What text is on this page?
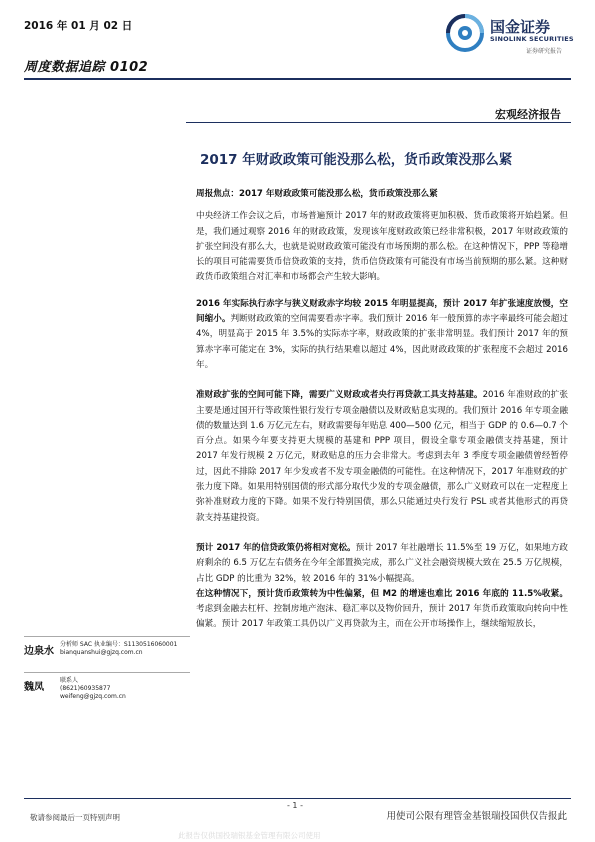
2016 年 01 月 02 日
周度数据追踪 0102
国金证券
SINOLINK SECURITIES
证券研究报告
宏观经济报告
2017 年财政政策可能没那么松，货币政策没那么紧

周报焦点：2017 年财政政策可能没那么松，货币政策没那么紧

中央经济工作会议之后，市场普遍预计 2017 年的财政政策将更加积极、货币政策将开始趋紧。但是，我们通过观察 2016 年的财政政策，发现该年度财政政策已经非常积极，2017 年财政政策的扩张空间没有那么大，也就是说财政政策可能没有市场预期的那么松。在这种情况下，PPP 等稳增长的项目可能需要货币信贷政策的支持，货币信贷政策有可能没有市场当前预期的那么紧。这种财政货币政策组合对汇率和市场都会产生较大影响。

2016 年实际执行赤字与狭义财政赤字均较 2015 年明显提高，预计 2017 年扩张速度放慢，空间缩小。判断财政政策的空间需要看赤字率。我们预计 2016 年一般预算的赤字率最终可能会超过 4%，明显高于 2015 年 3.5%的实际赤字率，财政政策的扩张非常明显。我们预计 2017 年的预算赤字率可能定在 3%，实际的执行结果难以超过 4%，因此财政政策的扩张程度不会超过 2016 年。

准财政扩张的空间可能下降，需要广义财政或者央行再贷款工具支持基建。2016 年准财政的扩张主要是通过国开行等政策性银行发行专项金融债以及财政贴息实现的。我们预计 2016 年专项金融债的数量达到 1.6 万亿元左右，财政需要每年贴息 400—500 亿元，相当于 GDP 的 0.6—0.7 个百分点。如果今年要支持更大规模的基建和 PPP 项目，假设全靠专项金融债支持基建，预计 2017 年发行规模 2 万亿元，财政贴息的压力会非常大。考虑到去年 3 季度专项金融债曾经暂停过，因此不排除 2017 年少发或者不发专项金融债的可能性。在这种情况下，2017 年准财政的扩张力度下降。如果用特别国债的形式部分取代少发的专项金融债，那么广义财政可以在一定程度上弥补准财政力度的下降。如果不发行特别国债，那么只能通过央行发行 PSL 或者其他形式的再贷款支持基建投资。

预计 2017 年的信贷政策仍将相对宽松。预计 2017 年社融增长 11.5%至 19 万亿，如果地方政府剩余的 6.5 万亿左右债务在今年全部置换完成，那么广义社会融资规模大致在 25.5 万亿规模，占比 GDP 的比重为 32%，较 2016 年的 31%小幅提高。

在这种情况下，预计货币政策转为中性偏紧，但 M2 的增速也难比 2016 年底的 11.5%收紧。考虑到金融去杠杆、控制房地产泡沫、稳汇率以及物价回升，预计 2017 年货币政策取向转向中性偏紧。预计 2017 年政策工具仍以广义再贷款为主，而在公开市场操作上，继续缩短放长，

边泉水
分析师 SAC 执业编号：S1130516060001
bianquanshui@gjzq.com.cn
魏凤
联系人
(8621)60935877
weifeng@gjzq.com.cn
- 1 -
敬请参阅最后一页特别声明	用使司公限有理管金基银瑞投国供仅告报此
此报告仅供国投瑞银基金管理有限公司使用
